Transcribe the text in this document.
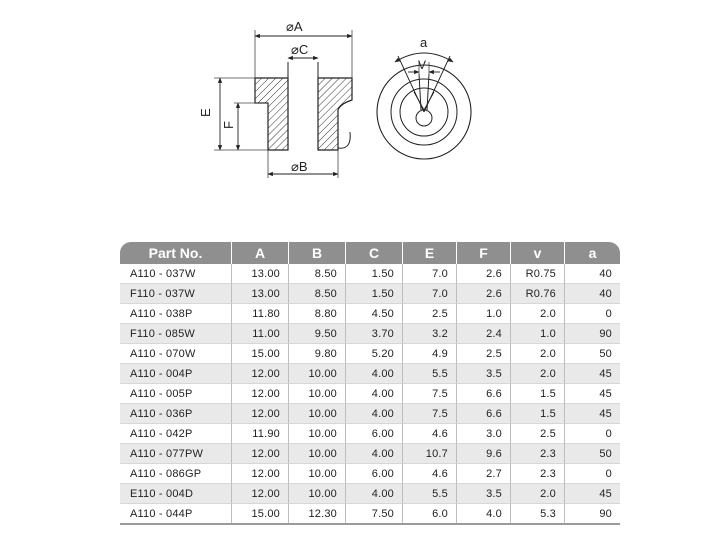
⌀A
⌀C
⌀B
E
F
a
V
Part No.	A	B	C	E	F	v	a
A110 - 037W	13.00	8.50	1.50	7.0	2.6	R0.75	40
F110 - 037W	13.00	8.50	1.50	7.0	2.6	R0.76	40
A110 - 038P	11.80	8.80	4.50	2.5	1.0	2.0	0
F110 - 085W	11.00	9.50	3.70	3.2	2.4	1.0	90
A110 - 070W	15.00	9.80	5.20	4.9	2.5	2.0	50
A110 - 004P	12.00	10.00	4.00	5.5	3.5	2.0	45
A110 - 005P	12.00	10.00	4.00	7.5	6.6	1.5	45
A110 - 036P	12.00	10.00	4.00	7.5	6.6	1.5	45
A110 - 042P	11.90	10.00	6.00	4.6	3.0	2.5	0
A110 - 077PW	12.00	10.00	4.00	10.7	9.6	2.3	50
A110 - 086GP	12.00	10.00	6.00	4.6	2.7	2.3	0
E110 - 004D	12.00	10.00	4.00	5.5	3.5	2.0	45
A110 - 044P	15.00	12.30	7.50	6.0	4.0	5.3	90
